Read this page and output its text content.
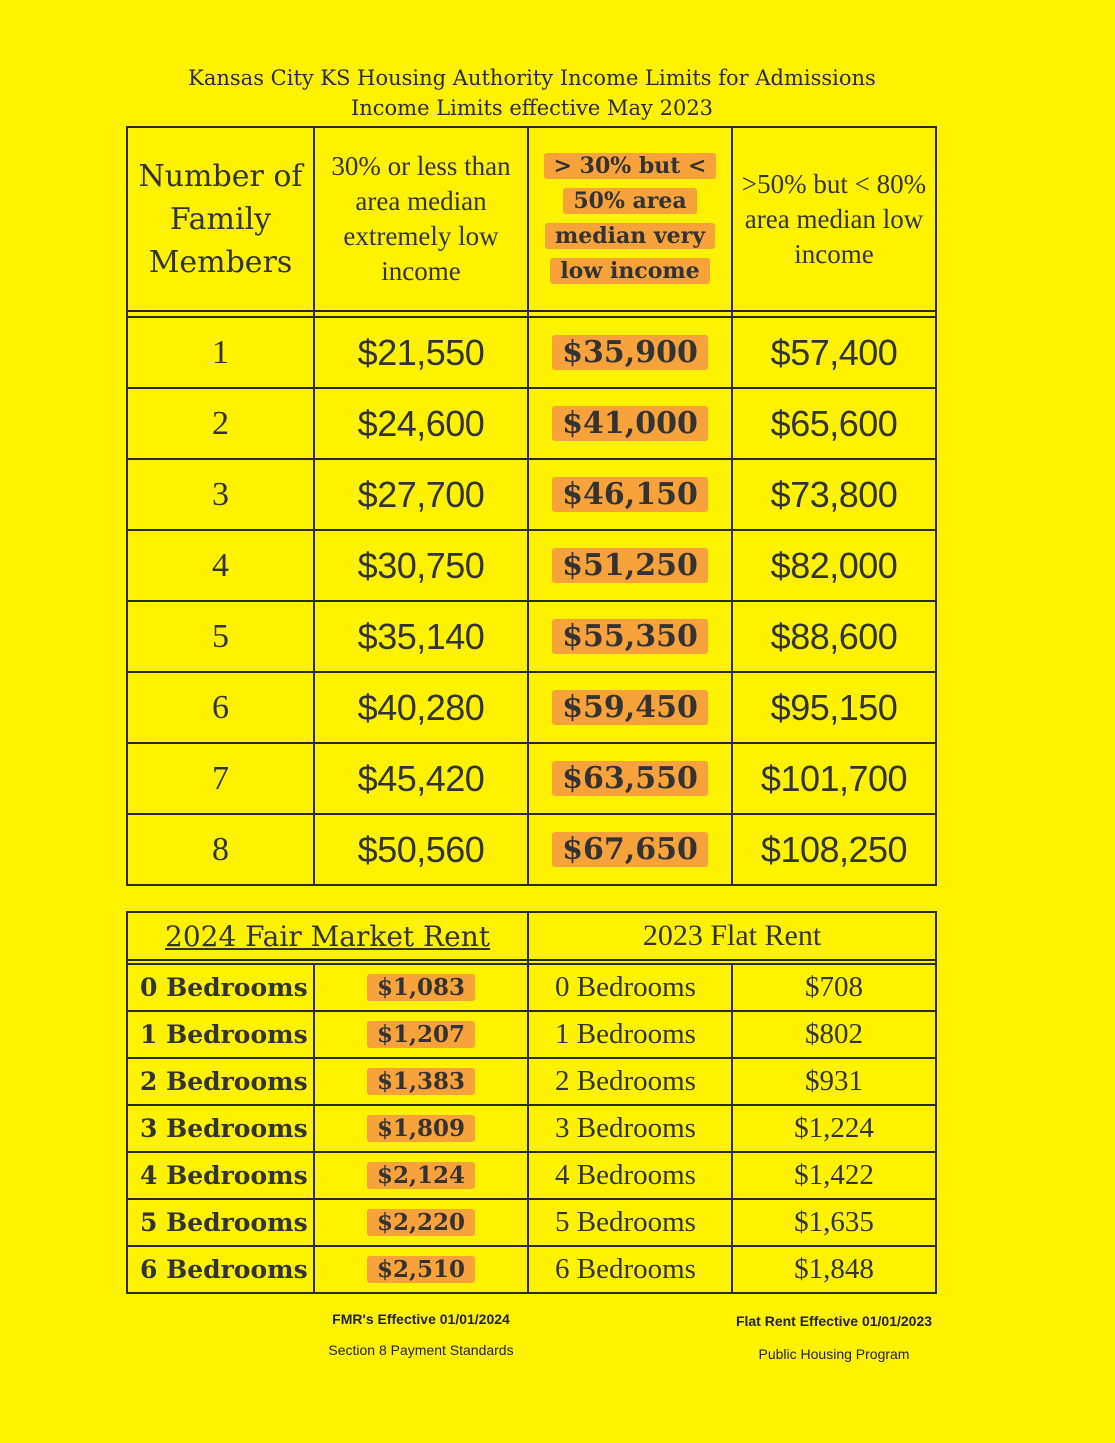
Kansas City KS Housing Authority Income Limits for Admissions
Income Limits effective May 2023
Number of Family Members	30% or less than area median extremely low income	> 30% but < 50% area median very low income	>50% but < 80% area median low income

1	$21,550	$35,900	$57,400
2	$24,600	$41,000	$65,600
3	$27,700	$46,150	$73,800
4	$30,750	$51,250	$82,000
5	$35,140	$55,350	$88,600
6	$40,280	$59,450	$95,150
7	$45,420	$63,550	$101,700
8	$50,560	$67,650	$108,250
2024 Fair Market Rent		2023 Flat Rent	

0 Bedrooms	$1,083	0 Bedrooms	$708
1 Bedrooms	$1,207	1 Bedrooms	$802
2 Bedrooms	$1,383	2 Bedrooms	$931
3 Bedrooms	$1,809	3 Bedrooms	$1,224
4 Bedrooms	$2,124	4 Bedrooms	$1,422
5 Bedrooms	$2,220	5 Bedrooms	$1,635
6 Bedrooms	$2,510	6 Bedrooms	$1,848
FMR's Effective 01/01/2024
Section 8 Payment Standards
Flat Rent Effective 01/01/2023
Public Housing Program
